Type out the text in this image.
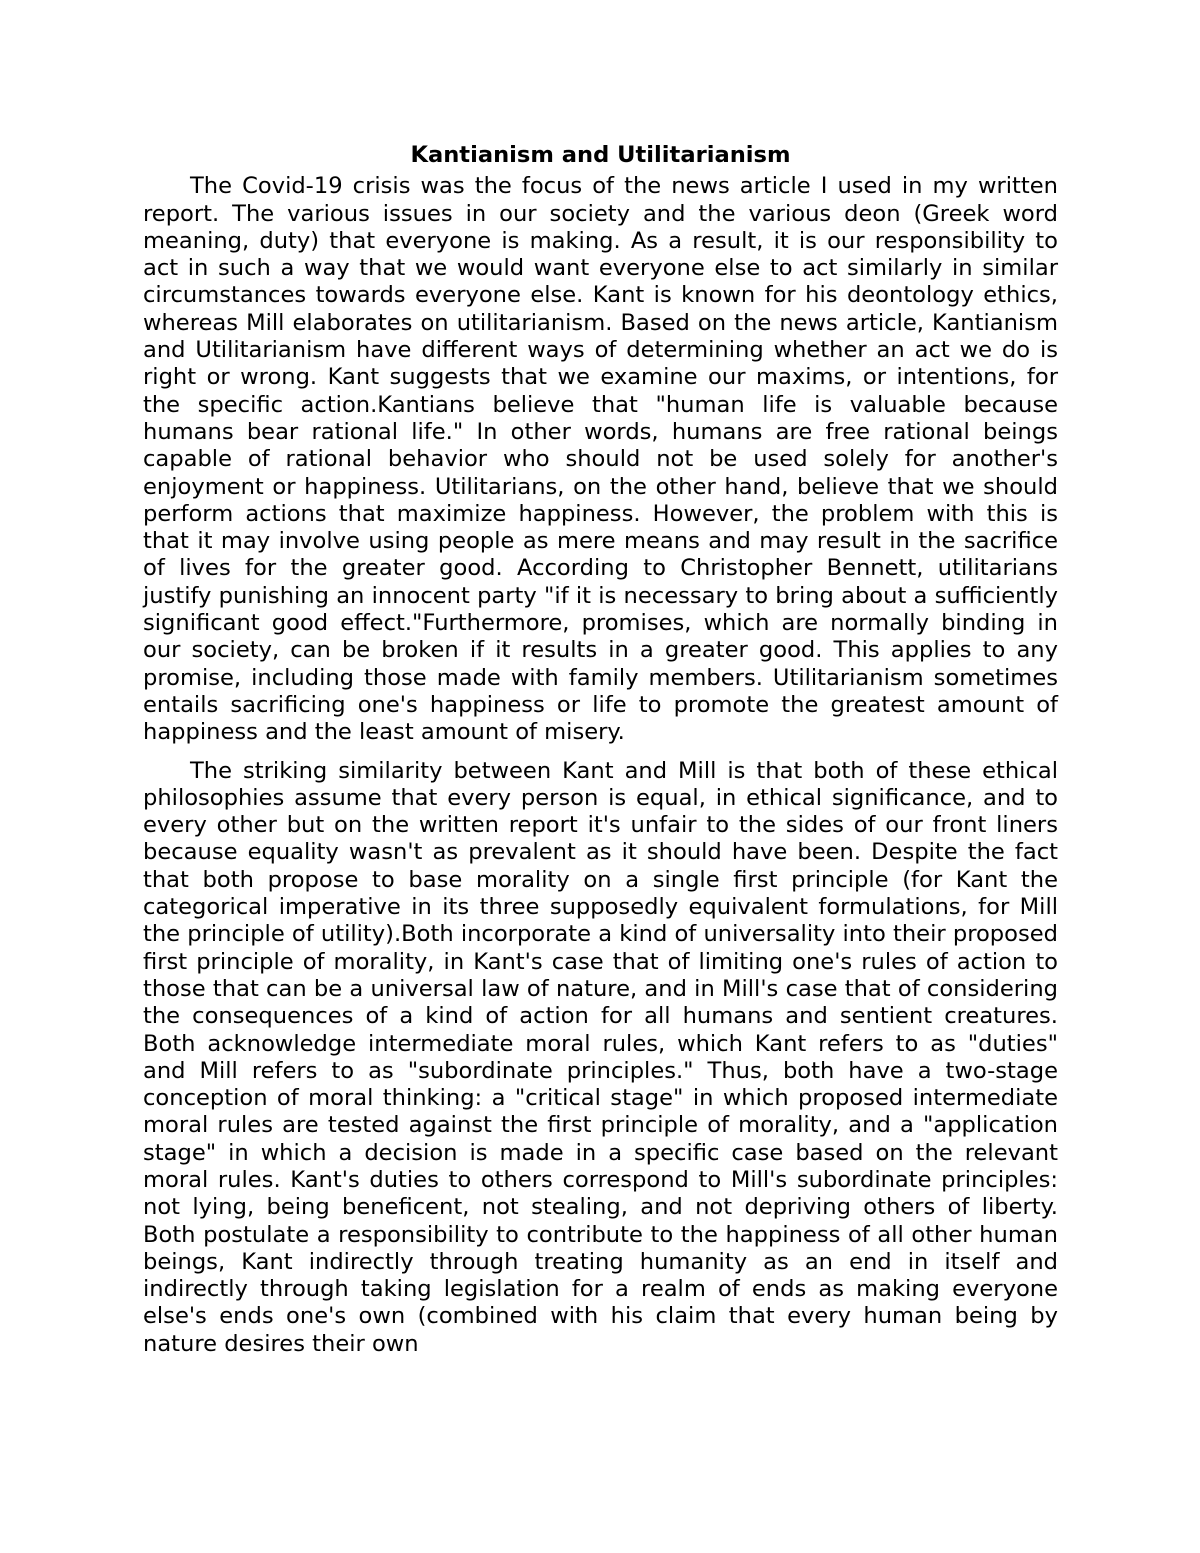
Kantianism and Utilitarianism

The Covid-19 crisis was the focus of the news article I used in my written report. The various issues in our society and the various deon (Greek word meaning, duty) that everyone is making. As a result, it is our responsibility to act in such a way that we would want everyone else to act similarly in similar circumstances towards everyone else. Kant is known for his deontology ethics, whereas Mill elaborates on utilitarianism. Based on the news article, Kantianism and Utilitarianism have different ways of determining whether an act we do is right or wrong. Kant suggests that we examine our maxims, or intentions, for the specific action.Kantians believe that "human life is valuable because humans bear rational life." In other words, humans are free rational beings capable of rational behavior who should not be used solely for another's enjoyment or happiness. Utilitarians, on the other hand, believe that we should perform actions that maximize happiness. However, the problem with this is that it may involve using people as mere means and may result in the sacrifice of lives for the greater good. According to Christopher Bennett, utilitarians justify punishing an innocent party "if it is necessary to bring about a sufficiently significant good effect."Furthermore, promises, which are normally binding in our society, can be broken if it results in a greater good. This applies to any promise, including those made with family members. Utilitarianism sometimes entails sacrificing one's happiness or life to promote the greatest amount of happiness and the least amount of misery.

The striking similarity between Kant and Mill is that both of these ethical philosophies assume that every person is equal, in ethical significance, and to every other but on the written report it's unfair to the sides of our front liners because equality wasn't as prevalent as it should have been. Despite the fact that both propose to base morality on a single first principle (for Kant the categorical imperative in its three supposedly equivalent formulations, for Mill the principle of utility).Both incorporate a kind of universality into their proposed first principle of morality, in Kant's case that of limiting one's rules of action to those that can be a universal law of nature, and in Mill's case that of considering the consequences of a kind of action for all humans and sentient creatures. Both acknowledge intermediate moral rules, which Kant refers to as "duties" and Mill refers to as "subordinate principles." Thus, both have a two-stage conception of moral thinking: a "critical stage" in which proposed intermediate moral rules are tested against the first principle of morality, and a "application stage" in which a decision is made in a specific case based on the relevant moral rules. Kant's duties to others correspond to Mill's subordinate principles: not lying, being beneficent, not stealing, and not depriving others of liberty. Both postulate a responsibility to contribute to the happiness of all other human beings, Kant indirectly through treating humanity as an end in itself and indirectly through taking legislation for a realm of ends as making everyone else's ends one's own (combined with his claim that every human being by nature desires their own
